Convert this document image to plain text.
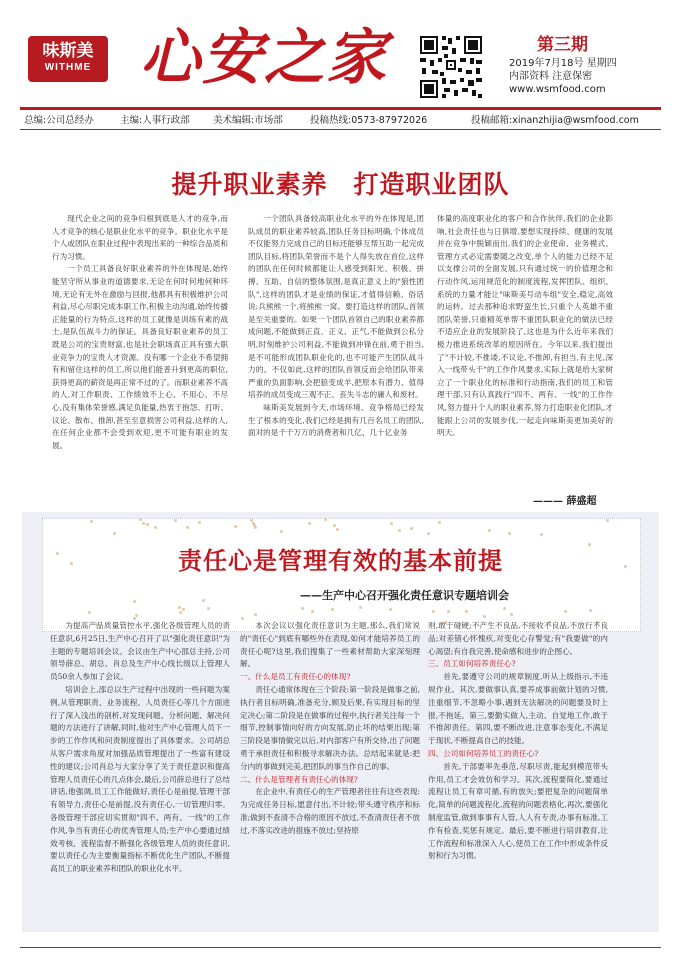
味斯美
WITHME 心安之家	第三期
2019年7月18号 星期四
内部资料 注意保密
www.wsmfood.com
总编:公司总经办	主编:人事行政部 美术编辑:市场部	投稿热线:0573-87972026	投稿邮箱:xinanzhijia@wsmfood.com
提升职业素养　打造职业团队

现代企业之间的竞争归根到底是人才的竞争,而人才竞争的核心是职业化水平的竞争。职业化水平是个人或团队在职业过程中表现出来的一种综合品质和行为习惯。

一个员工具备良好职业素养的外在体现是,始终能坚守所从事业的道德要求,无论在何时何地何种环境,无论有无外在激励与回报,他都具有积极维护公司利益,尽心尽职完成本职工作,积极主动沟通,始终传播正能量的行为特点,这样的员工就像是训练有素的战士,是队伍战斗力的保证。具备良好职业素养的员工既是公司的宝贵财富,也是社会职场真正具有强大职业竞争力的宝贵人才资源。没有哪一个企业不希望拥有和留住这样的员工,所以他们能普升到更高的职位,获得更高的薪资是再正常不过的了。而职业素养不高的人,对工作职责、工作绩效不上心、不用心、不尽心,没有集体荣誉感,满足负能量,热衷于抱怨、打听、议论、散布、推卸,甚至至意损害公司利益,这样的人,在任何企业都不会受到欢迎,更不可能有职业的发展。

一个团队具备较高职业化水平的外在体现是,团队成员的职业素养较高,团队任务目标明确,个体成员不仅能努力完成自己的目标还能够互帮互助一起完成团队目标,将团队荣誉而不是个人得失放在首位,这样的团队在任何时候都能让人感受到阳光、积极、拼搏、互助、自信的整体氛围,是真正意义上的"狼性团队",这样的团队才是业绩的保证,才值得信赖。俗话说:兵熊熊一个,将熊熊一窝。要打造这样的团队,首领是至关重要的。如果一个团队首领自己的职业素养都成问题,不能做到正直、正义、正气,不能做到公私分明,时刻维护公司利益,不能做到冲锋在前,勇于担当,是不可能形成团队职业化的,也不可能产生团队战斗力的。不仅如此,这样的团队首领反而会给团队带来严重的负面影响,会把狼变成羊,把原本有潜力、值得培养的成员变成三观不正、丧失斗志的庸人和废材。

味斯美发展到今天,市场环境、竞争格局已经发生了根本的变化,我们已经是拥有几百名员工的团队,面对的是千千万万的消费者和几亿、几十亿业务

体量的高度职业化的客户和合作伙伴,我们的企业影响,社会责任也与日俱增,要想实现持续、健康的发展并在竞争中脱颖而出,我们的企业使命、业务模式、管理方式必定需要随之改变,单个人的能力已经不足以支撑公司的全面发展,只有通过统一的价值理念和行动作风,运用规范化的制度流程,发挥团队、组织、系统的力量才能让"味斯美号动车组"安全,稳定,高效的运转。过去那种追求野蛮生长,只重个人英雄不重团队荣誉,只重精英单帮不重团队职业化的做法已经不适应企业的发展阶段了,这也是为什么近年来我们极力推进系统改革的原因所在。今年以来,我们提出了"不计较,不推诿,不议论,不推卸,有担当,有主见,深入一线带头干"的工作作风要求,实际上就是给大家树立了一个职业化的标准和行动指南,我们的员工和管理干部,只有认真践行"四不、两有、一线"的工作作风,努力提升个人的职业素养,努力打造职业化团队,才能跟上公司的发展步伐,一起走向味斯美更加美好的明天。

——— 薛盛超
责任心是管理有效的基本前提
——生产中心召开强化责任意识专题培训会

为提高产品质量管控水平,强化各级管理人员的责任意识,6月25日,生产中心召开了以"强化责任意识"为主题的专题培训会议。会议由生产中心邵总主持,公司领导薛总、胡总、肖总及生产中心线长级以上管理人员50余人参加了会议。

培训会上,邵总以生产过程中出现的一些问题为案例,从管理职责、业务流程、人员责任心等几个方面进行了深入浅出的剖析,对发现问题、分析问题、解决问题的方法进行了讲解,同时,他对生产中心管理人员下一步的工作作风和问责制度提出了具体要求。公司胡总从客户需求角度对加强品质管理提出了一些富有建设性的建议;公司肖总与大家分享了关于责任意识和提高管理人员责任心的几点体会,最后,公司薛总进行了总结讲话,他强调,员工工作能做好,责任心是前提,管理干部有领导力,责任心是前提,没有责任心,一切管理归零。各级管理干部应切实贯彻"四不、两有、一线"的工作作风,争当有责任心的优秀管理人员;生产中心要通过绩效考核、流程监督不断强化各级管理人员的责任意识,要以责任心为主要衡量指标不断优化生产团队,不断提高员工的职业素养和团队的职业化水平。

本次会议以强化责任意识为主题,那么,我们常说的"责任心"到底有哪些外在表现,如何才能培养员工的责任心呢?这里,我们搜集了一些素材帮助大家深刻理解。

一、什么是员工有责任心的体现?

责任心通常体现在三个阶段:第一阶段是做事之前,执行者目标明确,准备充分,顾及后果,有实现目标的坚定决心;第二阶段是在做事的过程中,执行者关注每一个细节,控制事情向好的方向发展,防止坏的结果出现;第三阶段是事情做完以后,对内部客户有所交待,出了问题勇于承担责任和积极寻求解决办法。总结起来就是:把分内的事做到完美,把团队的事当作自己的事。

二、什么是管理者有责任心的体现?

在企业中,有责任心的生产管理者往往有这些表现:为完成任务日标,愿意付出,不计较;带头遵守秩序和标准;做到不查清不合格的原因不放过,不查清责任者不放过,不落实改进的措施不放过;坚持原

则,敢于碰硬;不产生不良品,不接收不良品,不放行不良品;对差错心怀愧疚,对变化心存警觉;有"我要做"的内心渴望;有自我完善,使命感和进步的企图心。

三、员工如何培养责任心?

首先,要遵守公司的规章制度,听从上级指示,不违规作业。其次,要做事认真,要养成事前做计划的习惯,注重细节,不忽略小事,遇到无法解决的问题要及时上报,不拖延。第三,要勤实做人,主动、自觉地工作,敢于不推卸责任。第四,要不断改进,注意事态变化,不满足于现状,不断提高自己的技能。

四、公司如何培养员工的责任心?

首先,干部要率先垂范,尽职尽责,能起到模范带头作用,员工才会效仿和学习。其次,流程要简化,要通过流程让员工有章可循,有的放矢;要把复杂的问题简单化,简单的问题流程化,流程的问题表格化,再次,要强化制度监管,做到事事有人管,人人有专责,办事有标准,工作有检查,奖惩有规定。最后,要不断进行培训教育,让工作流程和标准深入人心,使员工在工作中形成条件反射和行为习惯。
